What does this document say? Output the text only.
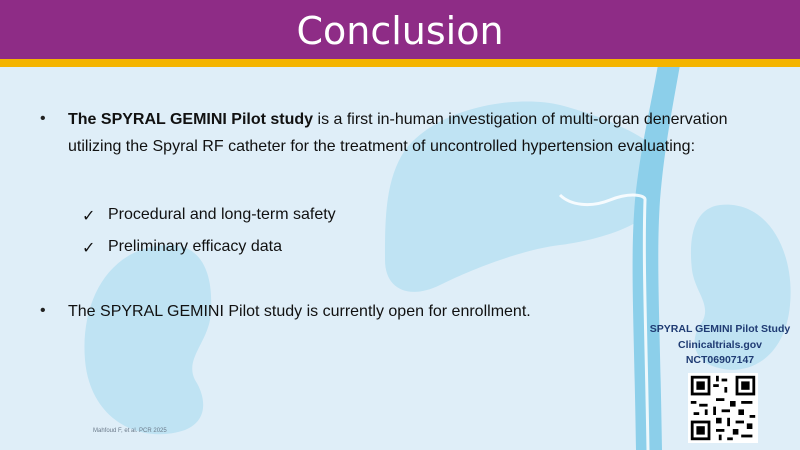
Conclusion
• The SPYRAL GEMINI Pilot study is a first in-human investigation of multi-organ denervation utilizing the Spyral RF catheter for the treatment of uncontrolled hypertension evaluating:
✓ Procedural and long-term safety
✓ Preliminary efficacy data
• The SPYRAL GEMINI Pilot study is currently open for enrollment.
SPYRAL GEMINI Pilot Study
Clinicaltrials.gov
NCT06907147
Mahfoud F, et al. PCR 2025
